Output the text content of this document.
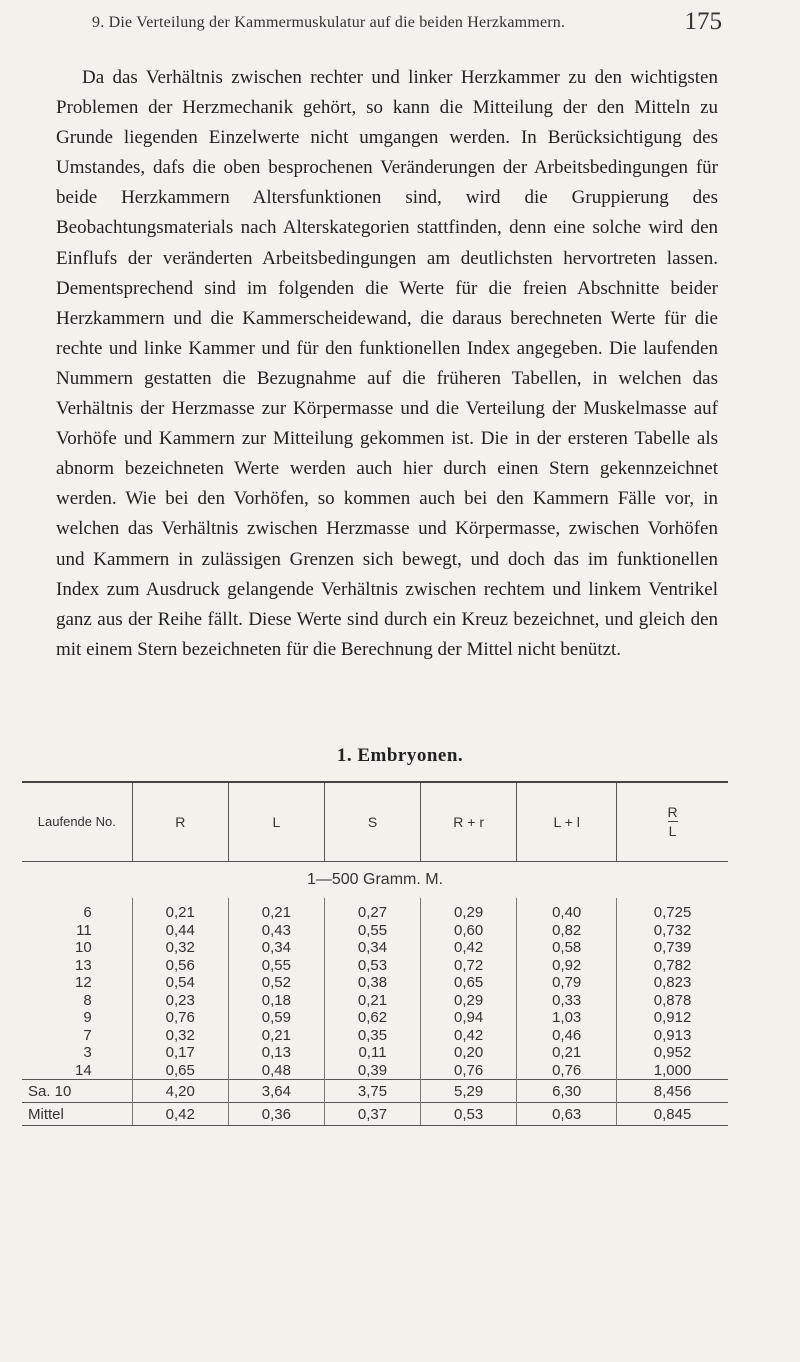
9. Die Verteilung der Kammermuskulatur auf die beiden Herzkammern.	175

Da das Verhältnis zwischen rechter und linker Herzkammer zu den wichtigsten Problemen der Herzmechanik gehört, so kann die Mitteilung der den Mitteln zu Grunde liegenden Einzelwerte nicht umgangen werden. In Berücksichtigung des Umstandes, dafs die oben besprochenen Veränderungen der Arbeitsbedingungen für beide Herzkammern Altersfunktionen sind, wird die Gruppierung des Beobachtungsmaterials nach Alterskategorien stattfinden, denn eine solche wird den Einflufs der veränderten Arbeitsbedingungen am deutlichsten hervortreten lassen. Dementsprechend sind im folgenden die Werte für die freien Abschnitte beider Herzkammern und die Kammerscheidewand, die daraus berechneten Werte für die rechte und linke Kammer und für den funktionellen Index angegeben. Die laufenden Nummern gestatten die Bezugnahme auf die früheren Tabellen, in welchen das Verhältnis der Herzmasse zur Körpermasse und die Verteilung der Muskelmasse auf Vorhöfe und Kammern zur Mitteilung gekommen ist. Die in der ersteren Tabelle als abnorm bezeichneten Werte werden auch hier durch einen Stern gekennzeichnet werden. Wie bei den Vorhöfen, so kommen auch bei den Kammern Fälle vor, in welchen das Verhältnis zwischen Herzmasse und Körpermasse, zwischen Vorhöfen und Kammern in zulässigen Grenzen sich bewegt, und doch das im funktionellen Index zum Ausdruck gelangende Verhältnis zwischen rechtem und linkem Ventrikel ganz aus der Reihe fällt. Diese Werte sind durch ein Kreuz bezeichnet, und gleich den mit einem Stern bezeichneten für die Berechnung der Mittel nicht benützt.

1. Embryonen.
Laufende No.	R	L	S	R + r	L + l	$\frac{R}{L}$
1—500 Gramm. M.						
6	0,21	0,21	0,27	0,29	0,40	0,725
11	0,44	0,43	0,55	0,60	0,82	0,732
10	0,32	0,34	0,34	0,42	0,58	0,739
13	0,56	0,55	0,53	0,72	0,92	0,782
12	0,54	0,52	0,38	0,65	0,79	0,823
8	0,23	0,18	0,21	0,29	0,33	0,878
9	0,76	0,59	0,62	0,94	1,03	0,912
7	0,32	0,21	0,35	0,42	0,46	0,913
3	0,17	0,13	0,11	0,20	0,21	0,952
14	0,65	0,48	0,39	0,76	0,76	1,000
Sa. 10	4,20	3,64	3,75	5,29	6,30	8,456
Mittel	0,42	0,36	0,37	0,53	0,63	0,845
